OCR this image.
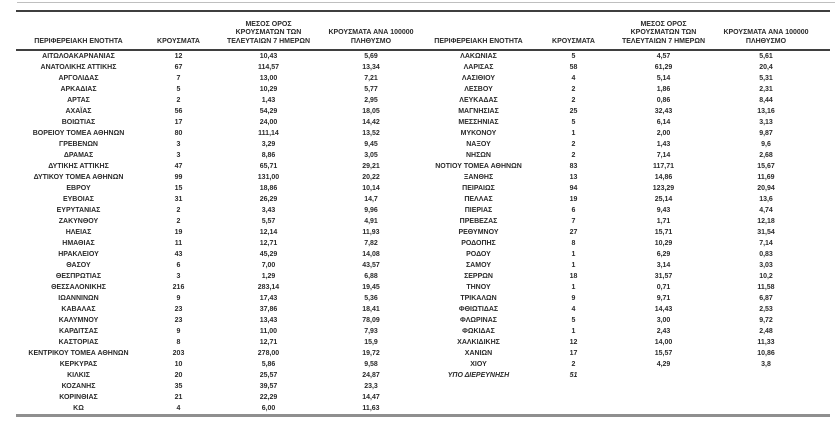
ΠΕΡΙΦΕΡΕΙΑΚΗ ΕΝΟΤΗΤΑ	ΚΡΟΥΣΜΑΤΑ	ΜΕΣΟΣ ΟΡΟΣ
ΚΡΟΥΣΜΑΤΩΝ ΤΩΝ
ΤΕΛΕΥΤΑΙΩΝ 7 ΗΜΕΡΩΝ	ΚΡΟΥΣΜΑΤΑ ΑΝΑ 100000
ΠΛΗΘΥΣΜΟ	ΠΕΡΙΦΕΡΕΙΑΚΗ ΕΝΟΤΗΤΑ	ΚΡΟΥΣΜΑΤΑ	ΜΕΣΟΣ ΟΡΟΣ
ΚΡΟΥΣΜΑΤΩΝ ΤΩΝ
ΤΕΛΕΥΤΑΙΩΝ 7 ΗΜΕΡΩΝ	ΚΡΟΥΣΜΑΤΑ ΑΝΑ 100000
ΠΛΗΘΥΣΜΟ	
ΑΙΤΩΛΟΑΚΑΡΝΑΝΙΑΣ	12	10,43	5,69	ΛΑΚΩΝΙΑΣ	5	4,57	5,61	
ΑΝΑΤΟΛΙΚΗΣ ΑΤΤΙΚΗΣ	67	114,57	13,34	ΛΑΡΙΣΑΣ	58	61,29	20,4	
ΑΡΓΟΛΙΔΑΣ	7	13,00	7,21	ΛΑΣΙΘΙΟΥ	4	5,14	5,31	
ΑΡΚΑΔΙΑΣ	5	10,29	5,77	ΛΕΣΒΟΥ	2	1,86	2,31	
ΑΡΤΑΣ	2	1,43	2,95	ΛΕΥΚΑΔΑΣ	2	0,86	8,44	
ΑΧΑΪΑΣ	56	54,29	18,05	ΜΑΓΝΗΣΙΑΣ	25	32,43	13,16	
ΒΟΙΩΤΙΑΣ	17	24,00	14,42	ΜΕΣΣΗΝΙΑΣ	5	6,14	3,13	
ΒΟΡΕΙΟΥ ΤΟΜΕΑ ΑΘΗΝΩΝ	80	111,14	13,52	ΜΥΚΟΝΟΥ	1	2,00	9,87	
ΓΡΕΒΕΝΩΝ	3	3,29	9,45	ΝΑΞΟΥ	2	1,43	9,6	
ΔΡΑΜΑΣ	3	8,86	3,05	ΝΗΣΩΝ	2	7,14	2,68	
ΔΥΤΙΚΗΣ ΑΤΤΙΚΗΣ	47	65,71	29,21	ΝΟΤΙΟΥ ΤΟΜΕΑ ΑΘΗΝΩΝ	83	117,71	15,67	
ΔΥΤΙΚΟΥ ΤΟΜΕΑ ΑΘΗΝΩΝ	99	131,00	20,22	ΞΑΝΘΗΣ	13	14,86	11,69	
ΕΒΡΟΥ	15	18,86	10,14	ΠΕΙΡΑΙΩΣ	94	123,29	20,94	
ΕΥΒΟΙΑΣ	31	26,29	14,7	ΠΕΛΛΑΣ	19	25,14	13,6	
ΕΥΡΥΤΑΝΙΑΣ	2	3,43	9,96	ΠΙΕΡΙΑΣ	6	9,43	4,74	
ΖΑΚΥΝΘΟΥ	2	5,57	4,91	ΠΡΕΒΕΖΑΣ	7	1,71	12,18	
ΗΛΕΙΑΣ	19	12,14	11,93	ΡΕΘΥΜΝΟΥ	27	15,71	31,54	
ΗΜΑΘΙΑΣ	11	12,71	7,82	ΡΟΔΟΠΗΣ	8	10,29	7,14	
ΗΡΑΚΛΕΙΟΥ	43	45,29	14,08	ΡΟΔΟΥ	1	6,29	0,83	
ΘΑΣΟΥ	6	7,00	43,57	ΣΑΜΟΥ	1	3,14	3,03	
ΘΕΣΠΡΩΤΙΑΣ	3	1,29	6,88	ΣΕΡΡΩΝ	18	31,57	10,2	
ΘΕΣΣΑΛΟΝΙΚΗΣ	216	283,14	19,45	ΤΗΝΟΥ	1	0,71	11,58	
ΙΩΑΝΝΙΝΩΝ	9	17,43	5,36	ΤΡΙΚΑΛΩΝ	9	9,71	6,87	
ΚΑΒΑΛΑΣ	23	37,86	18,41	ΦΘΙΩΤΙΔΑΣ	4	14,43	2,53	
ΚΑΛΥΜΝΟΥ	23	13,43	78,09	ΦΛΩΡΙΝΑΣ	5	3,00	9,72	
ΚΑΡΔΙΤΣΑΣ	9	11,00	7,93	ΦΩΚΙΔΑΣ	1	2,43	2,48	
ΚΑΣΤΟΡΙΑΣ	8	12,71	15,9	ΧΑΛΚΙΔΙΚΗΣ	12	14,00	11,33	
ΚΕΝΤΡΙΚΟΥ ΤΟΜΕΑ ΑΘΗΝΩΝ	203	278,00	19,72	ΧΑΝΙΩΝ	17	15,57	10,86	
ΚΕΡΚΥΡΑΣ	10	5,86	9,58	ΧΙΟΥ	2	4,29	3,8	
ΚΙΛΚΙΣ	20	25,57	24,87	ΥΠΟ ΔΙΕΡΕΥΝΗΣΗ	51			
ΚΟΖΑΝΗΣ	35	39,57	23,3					
ΚΟΡΙΝΘΙΑΣ	21	22,29	14,47					
ΚΩ	4	6,00	11,63					
